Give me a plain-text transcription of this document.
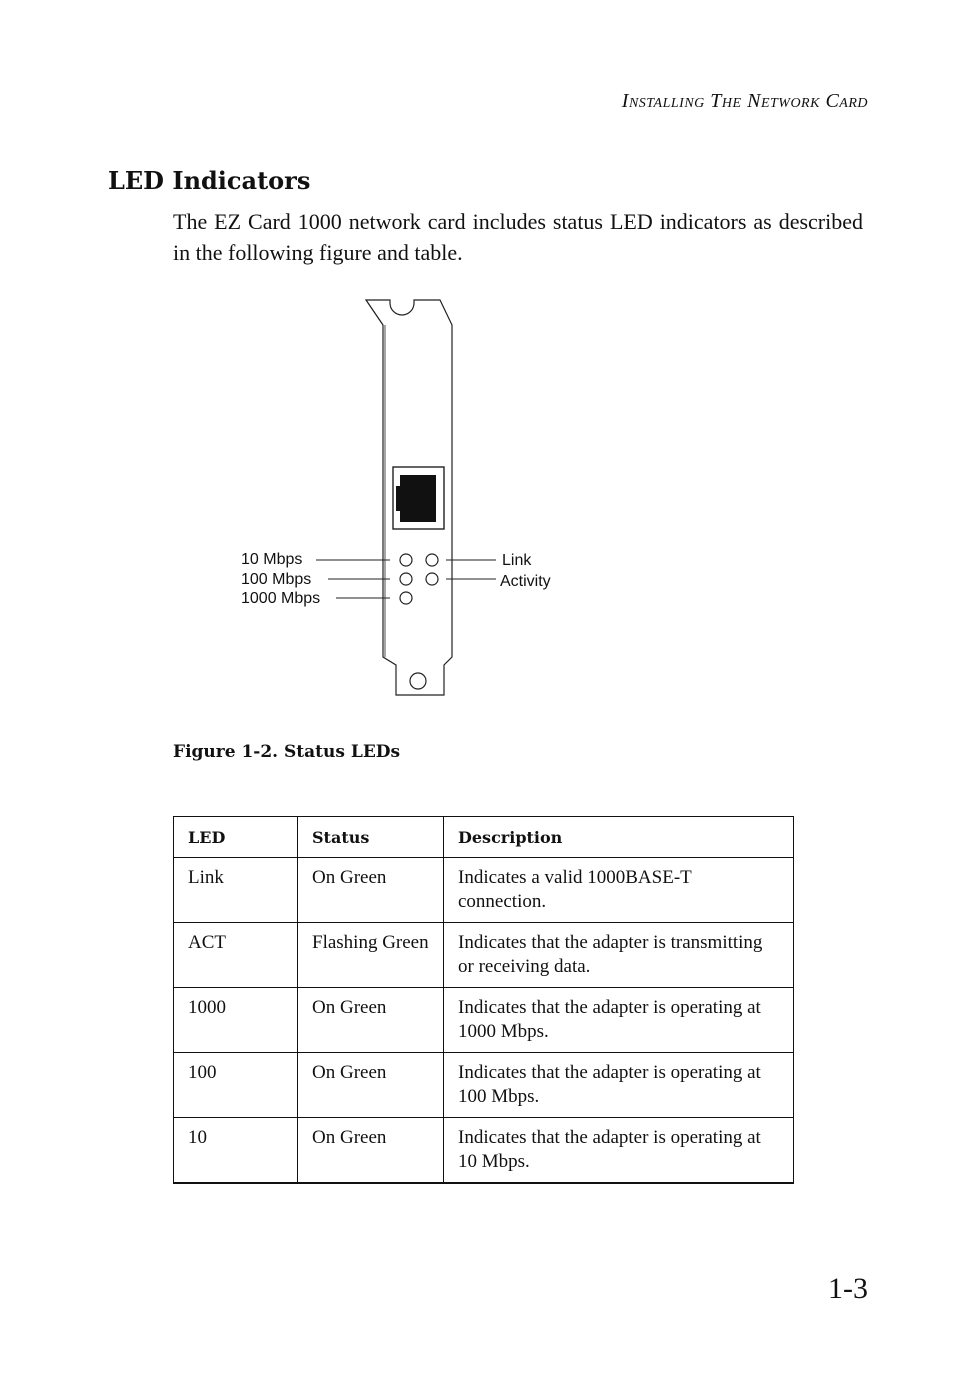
Installing The Network Card
LED Indicators

The EZ Card 1000 network card includes status LED indicators as described in the following figure and table.

10 Mbps
100 Mbps
1000 Mbps
Link
Activity

Figure 1-2. Status LEDs

LED	Status	Description
Link	On Green	Indicates a valid 1000BASE-T connection.
ACT	Flashing Green	Indicates that the adapter is transmitting or receiving data.
1000	On Green	Indicates that the adapter is operating at 1000 Mbps.
100	On Green	Indicates that the adapter is operating at 100 Mbps.
10	On Green	Indicates that the adapter is operating at 10 Mbps.
1-3
